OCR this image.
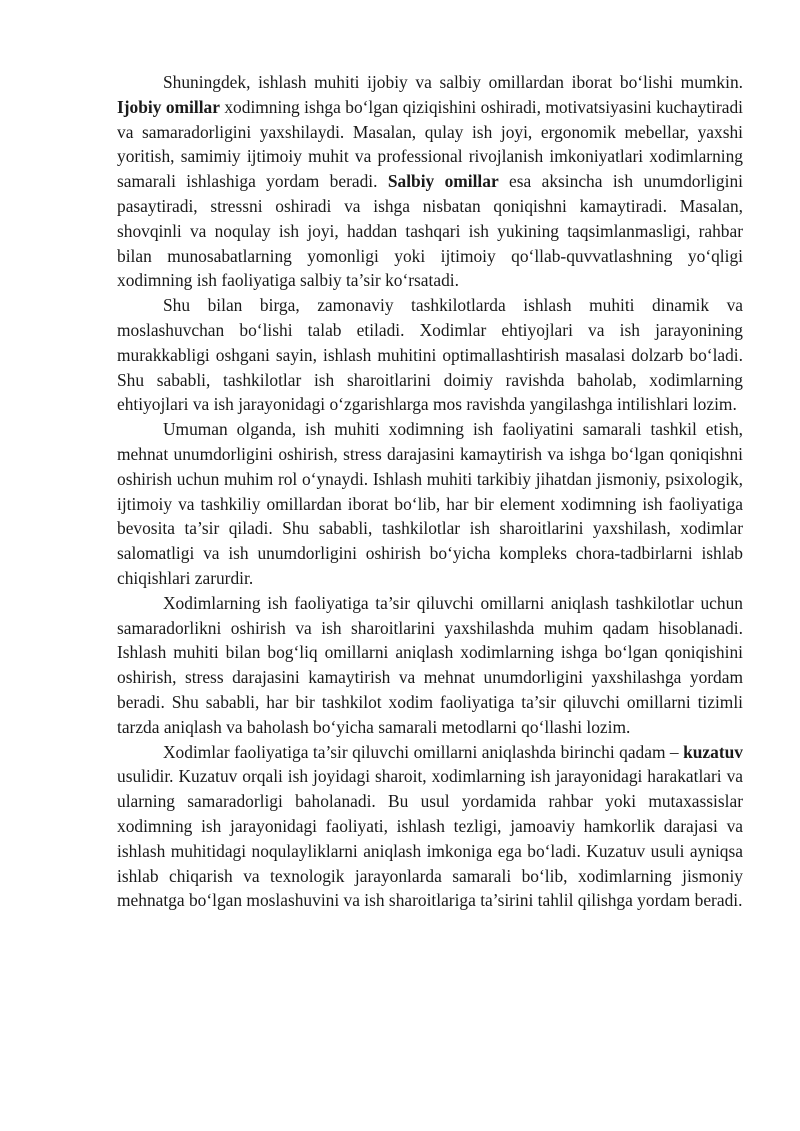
Shuningdek, ishlash muhiti ijobiy va salbiy omillardan iborat bo‘lishi mumkin. Ijobiy omillar xodimning ishga bo‘lgan qiziqishini oshiradi, motivatsiyasini kuchaytiradi va samaradorligini yaxshilaydi. Masalan, qulay ish joyi, ergonomik mebellar, yaxshi yoritish, samimiy ijtimoiy muhit va professional rivojlanish imkoniyatlari xodimlarning samarali ishlashiga yordam beradi. Salbiy omillar esa aksincha ish unumdorligini pasaytiradi, stressni oshiradi va ishga nisbatan qoniqishni kamaytiradi. Masalan, shovqinli va noqulay ish joyi, haddan tashqari ish yukining taqsimlanmasligi, rahbar bilan munosabatlarning yomonligi yoki ijtimoiy qo‘llab-quvvatlashning yo‘qligi xodimning ish faoliyatiga salbiy ta’sir ko‘rsatadi.

Shu bilan birga, zamonaviy tashkilotlarda ishlash muhiti dinamik va moslashuvchan bo‘lishi talab etiladi. Xodimlar ehtiyojlari va ish jarayonining murakkabligi oshgani sayin, ishlash muhitini optimallashtirish masalasi dolzarb bo‘ladi. Shu sababli, tashkilotlar ish sharoitlarini doimiy ravishda baholab, xodimlarning ehtiyojlari va ish jarayonidagi o‘zgarishlarga mos ravishda yangilashga intilishlari lozim.

Umuman olganda, ish muhiti xodimning ish faoliyatini samarali tashkil etish, mehnat unumdorligini oshirish, stress darajasini kamaytirish va ishga bo‘lgan qoniqishni oshirish uchun muhim rol o‘ynaydi. Ishlash muhiti tarkibiy jihatdan jismoniy, psixologik, ijtimoiy va tashkiliy omillardan iborat bo‘lib, har bir element xodimning ish faoliyatiga bevosita ta’sir qiladi. Shu sababli, tashkilotlar ish sharoitlarini yaxshilash, xodimlar salomatligi va ish unumdorligini oshirish bo‘yicha kompleks chora-tadbirlarni ishlab chiqishlari zarurdir.

Xodimlarning ish faoliyatiga ta’sir qiluvchi omillarni aniqlash tashkilotlar uchun samaradorlikni oshirish va ish sharoitlarini yaxshilashda muhim qadam hisoblanadi. Ishlash muhiti bilan bog‘liq omillarni aniqlash xodimlarning ishga bo‘lgan qoniqishini oshirish, stress darajasini kamaytirish va mehnat unumdorligini yaxshilashga yordam beradi. Shu sababli, har bir tashkilot xodim faoliyatiga ta’sir qiluvchi omillarni tizimli tarzda aniqlash va baholash bo‘yicha samarali metodlarni qo‘llashi lozim.

Xodimlar faoliyatiga ta’sir qiluvchi omillarni aniqlashda birinchi qadam – kuzatuv usulidir. Kuzatuv orqali ish joyidagi sharoit, xodimlarning ish jarayonidagi harakatlari va ularning samaradorligi baholanadi. Bu usul yordamida rahbar yoki mutaxassislar xodimning ish jarayonidagi faoliyati, ishlash tezligi, jamoaviy hamkorlik darajasi va ishlash muhitidagi noqulayliklarni aniqlash imkoniga ega bo‘ladi. Kuzatuv usuli ayniqsa ishlab chiqarish va texnologik jarayonlarda samarali bo‘lib, xodimlarning jismoniy mehnatga bo‘lgan moslashuvini va ish sharoitlariga ta’sirini tahlil qilishga yordam beradi.
